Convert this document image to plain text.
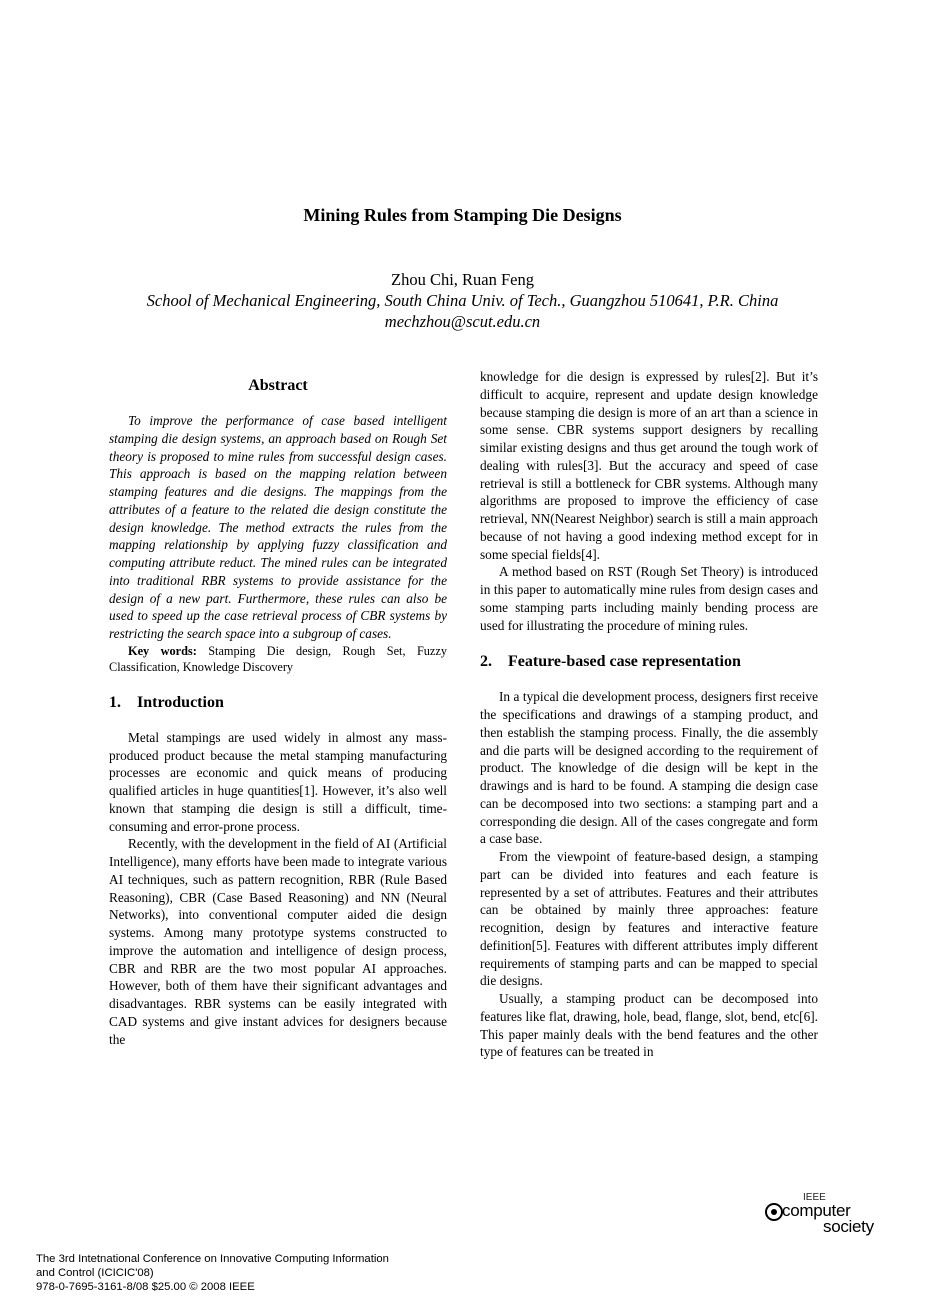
Mining Rules from Stamping Die Designs
Zhou Chi, Ruan Feng
School of Mechanical Engineering, South China Univ. of Tech., Guangzhou 510641, P.R. China
mechzhou@scut.edu.cn
Abstract

To improve the performance of case based intelligent stamping die design systems, an approach based on Rough Set theory is proposed to mine rules from successful design cases. This approach is based on the mapping relation between stamping features and die designs. The mappings from the attributes of a feature to the related die design constitute the design knowledge. The method extracts the rules from the mapping relationship by applying fuzzy classification and computing attribute reduct. The mined rules can be integrated into traditional RBR systems to provide assistance for the design of a new part. Furthermore, these rules can also be used to speed up the case retrieval process of CBR systems by restricting the search space into a subgroup of cases.

Key words: Stamping Die design, Rough Set, Fuzzy Classification, Knowledge Discovery

1. Introduction

Metal stampings are used widely in almost any mass-produced product because the metal stamping manufacturing processes are economic and quick means of producing qualified articles in huge quantities[1]. However, it’s also well known that stamping die design is still a difficult, time-consuming and error-prone process.

Recently, with the development in the field of AI (Artificial Intelligence), many efforts have been made to integrate various AI techniques, such as pattern recognition, RBR (Rule Based Reasoning), CBR (Case Based Reasoning) and NN (Neural Networks), into conventional computer aided die design systems. Among many prototype systems constructed to improve the automation and intelligence of design process, CBR and RBR are the two most popular AI approaches. However, both of them have their significant advantages and disadvantages. RBR systems can be easily integrated with CAD systems and give instant advices for designers because the

knowledge for die design is expressed by rules[2]. But it’s difficult to acquire, represent and update design knowledge because stamping die design is more of an art than a science in some sense. CBR systems support designers by recalling similar existing designs and thus get around the tough work of dealing with rules[3]. But the accuracy and speed of case retrieval is still a bottleneck for CBR systems. Although many algorithms are proposed to improve the efficiency of case retrieval, NN(Nearest Neighbor) search is still a main approach because of not having a good indexing method except for in some special fields[4].

A method based on RST (Rough Set Theory) is introduced in this paper to automatically mine rules from design cases and some stamping parts including mainly bending process are used for illustrating the procedure of mining rules.

2. Feature-based case representation

In a typical die development process, designers first receive the specifications and drawings of a stamping product, and then establish the stamping process. Finally, the die assembly and die parts will be designed according to the requirement of product. The knowledge of die design will be kept in the drawings and is hard to be found. A stamping die design case can be decomposed into two sections: a stamping part and a corresponding die design. All of the cases congregate and form a case base.

From the viewpoint of feature-based design, a stamping part can be divided into features and each feature is represented by a set of attributes. Features and their attributes can be obtained by mainly three approaches: feature recognition, design by features and interactive feature definition[5]. Features with different attributes imply different requirements of stamping parts and can be mapped to special die designs.

Usually, a stamping product can be decomposed into features like flat, drawing, hole, bead, flange, slot, bend, etc[6]. This paper mainly deals with the bend features and the other type of features can be treated in

IEEE
computer
society
The 3rd Intetnational Conference on Innovative Computing Information
and Control (ICICIC'08)
978-0-7695-3161-8/08 $25.00 © 2008 IEEE
